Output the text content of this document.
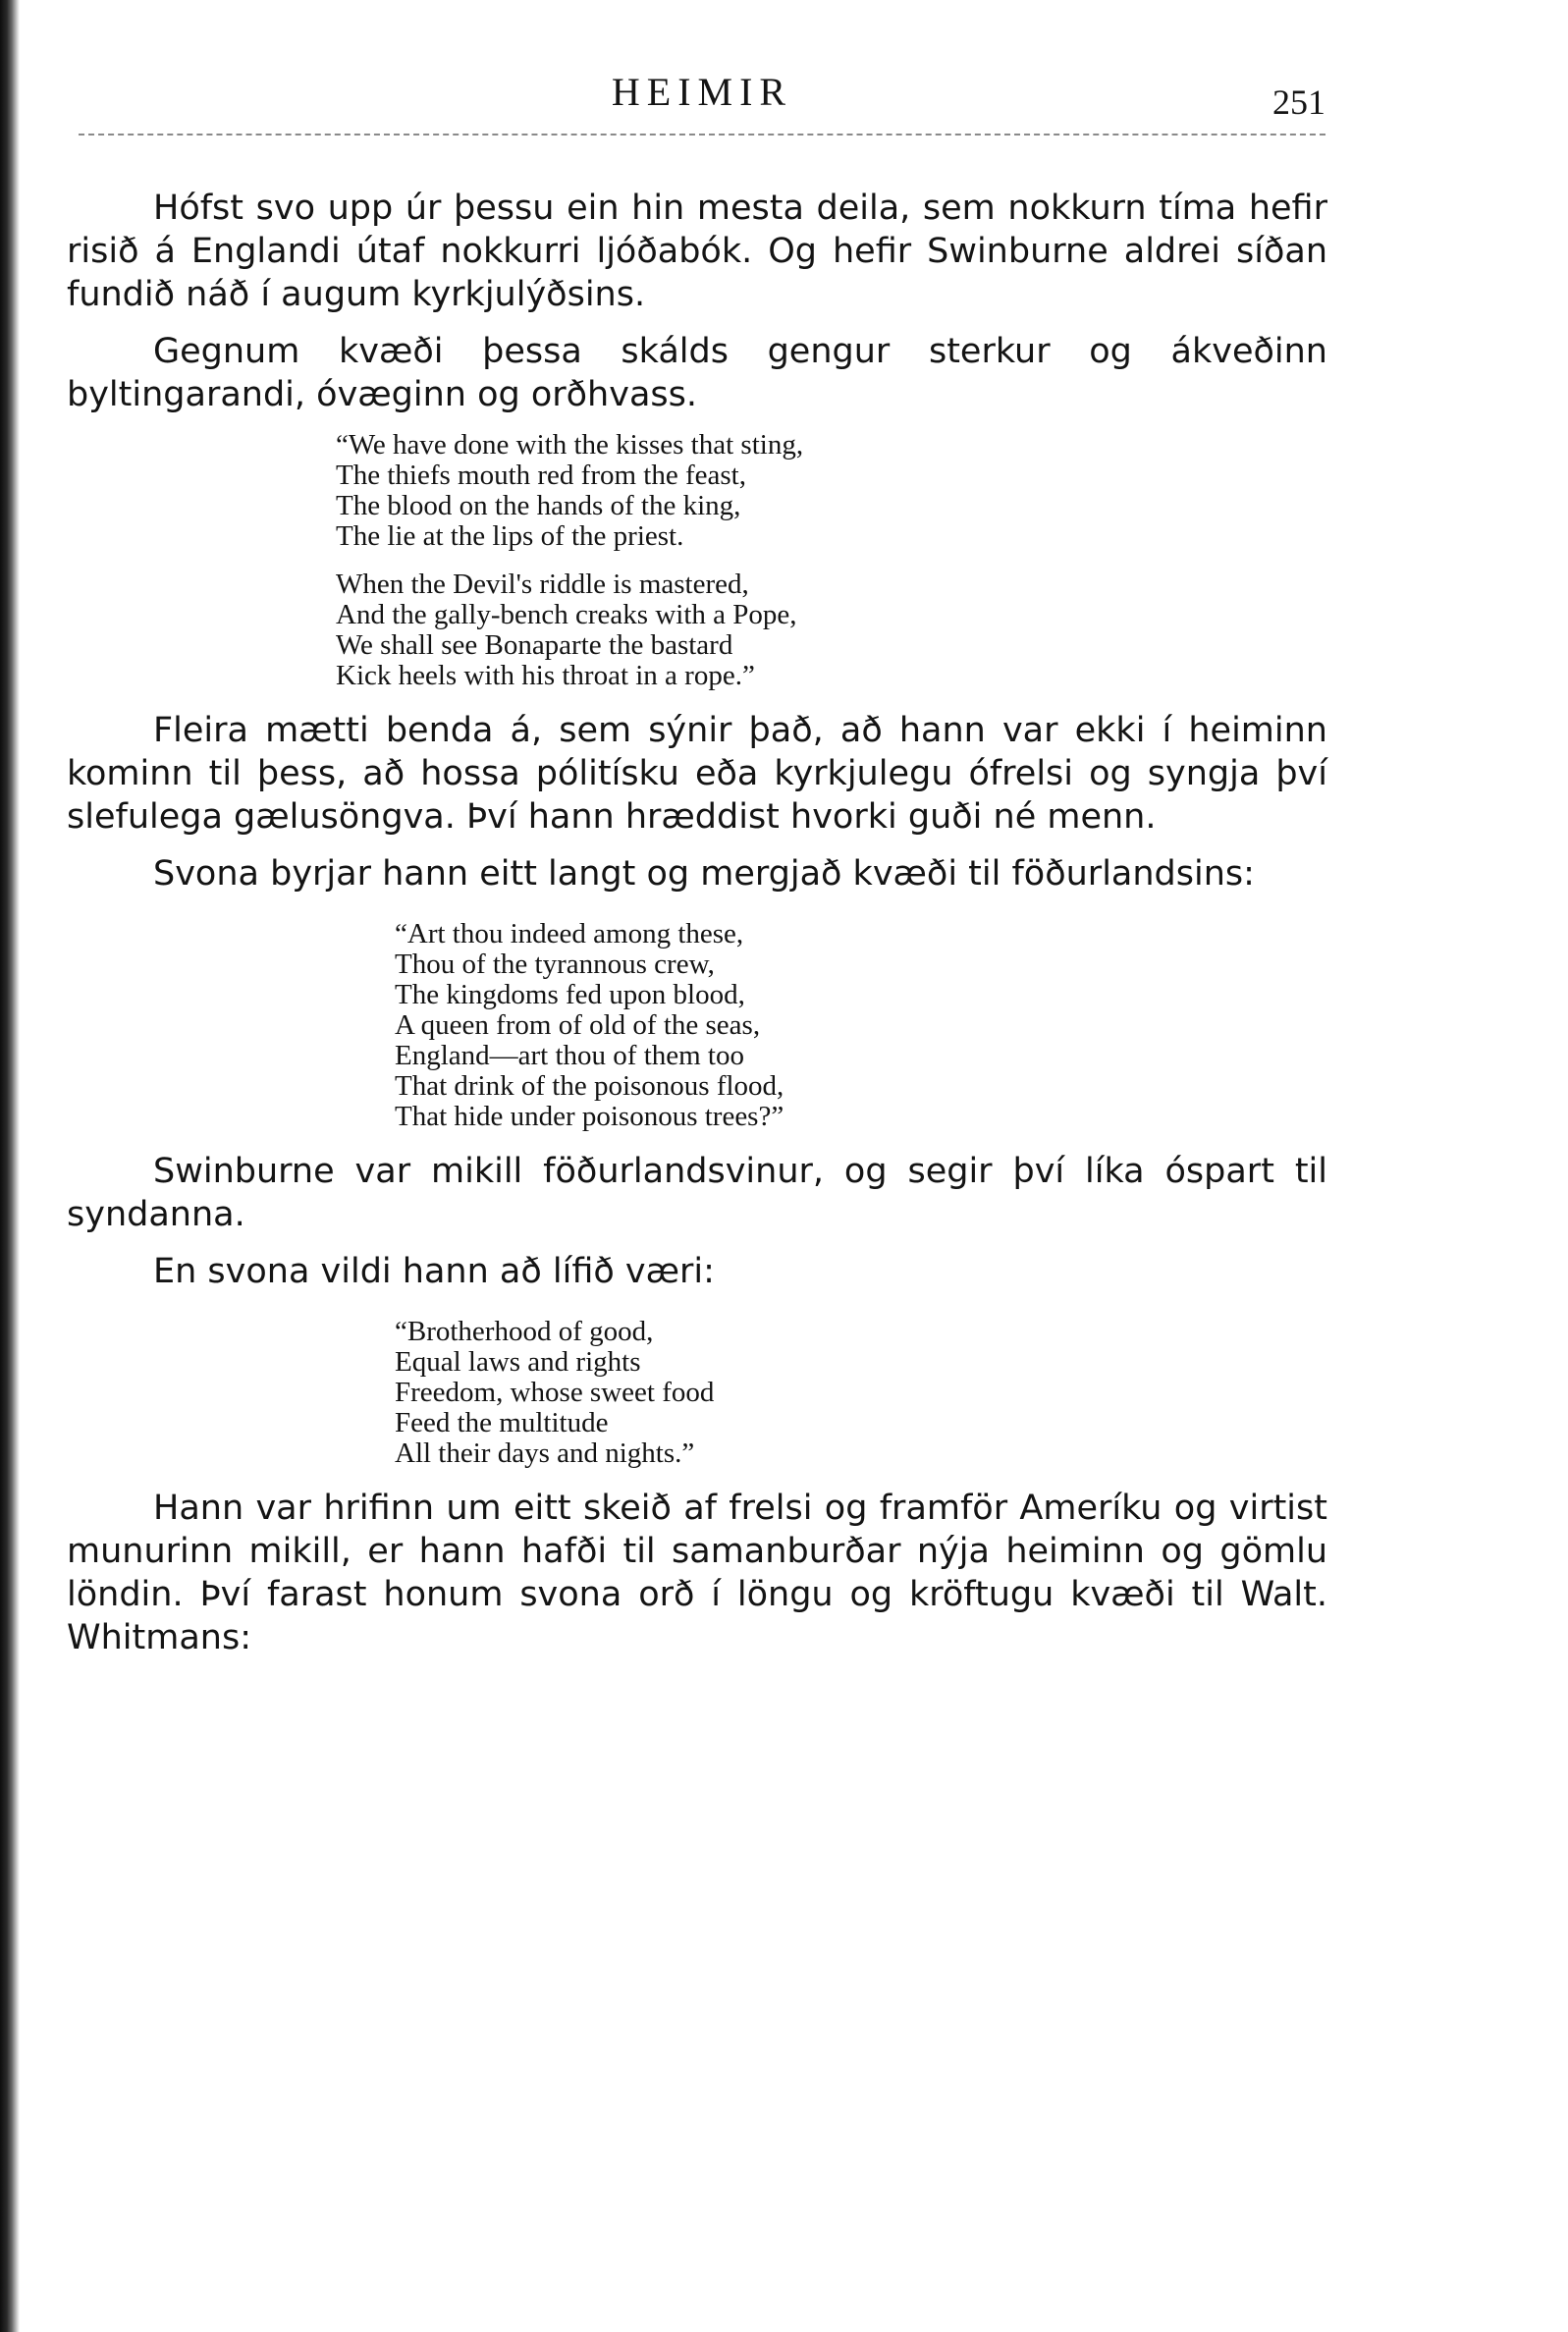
HEIMIR	251

Hófst svo upp úr þessu ein hin mesta deila, sem nokkurn tíma hefir risið á Englandi útaf nokkurri ljóðabók. Og hefir Swinburne aldrei síðan fundið náð í augum kyrkjulýðsins.

Gegnum kvæði þessa skálds gengur sterkur og ákveðinn byltingarandi, óvæginn og orðhvass.

“We have done with the kisses that sting,
The thiefs mouth red from the feast,
The blood on the hands of the king,
The lie at the lips of the priest.
When the Devil's riddle is mastered,
And the gally-bench creaks with a Pope,
We shall see Bonaparte the bastard
Kick heels with his throat in a rope.”

Fleira mætti benda á, sem sýnir það, að hann var ekki í heiminn kominn til þess, að hossa pólitísku eða kyrkjulegu ófrelsi og syngja því slefulega gælusöngva. Því hann hræddist hvorki guði né menn.

Svona byrjar hann eitt langt og mergjað kvæði til föðurlandsins:

“Art thou indeed among these,
Thou of the tyrannous crew,
The kingdoms fed upon blood,
A queen from of old of the seas,
England—art thou of them too
That drink of the poisonous flood,
That hide under poisonous trees?”

Swinburne var mikill föðurlandsvinur, og segir því líka óspart til syndanna.

En svona vildi hann að lífið væri:

“Brotherhood of good,
Equal laws and rights
Freedom, whose sweet food
Feed the multitude
All their days and nights.”

Hann var hrifinn um eitt skeið af frelsi og framför Ameríku og virtist munurinn mikill, er hann hafði til samanburðar nýja heiminn og gömlu löndin. Því farast honum svona orð í löngu og kröftugu kvæði til Walt. Whitmans:
